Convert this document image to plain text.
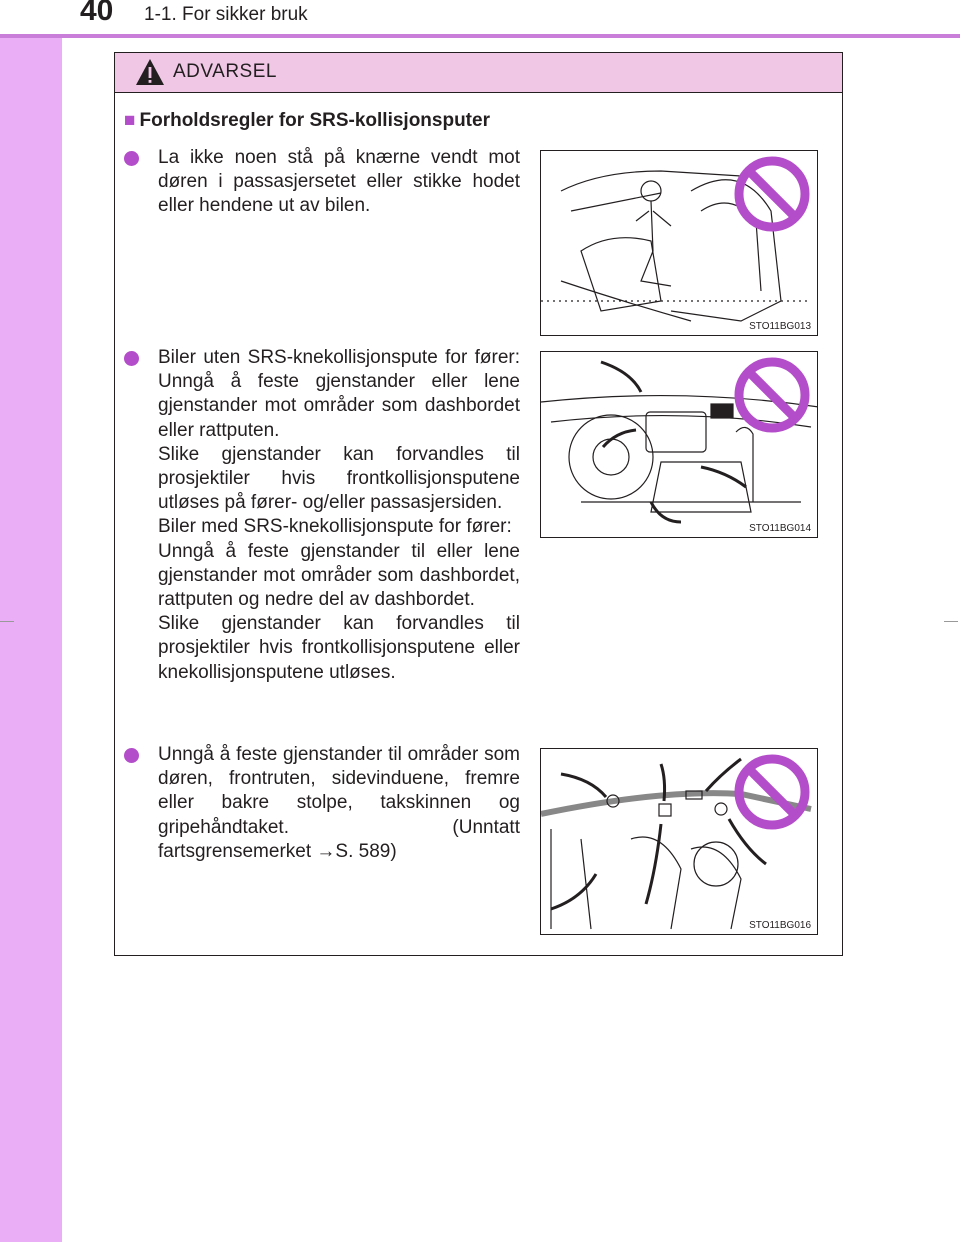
40 1-1. For sikker bruk
ADVARSEL
■ Forholdsregler for SRS-kollisjonsputer
La ikke noen stå på knærne vendt mot døren i passasjersetet eller stikke hodet eller hendene ut av bilen.
STO11BG013
Biler uten SRS-knekollisjonspute for fører: Unngå å feste gjenstander eller lene gjenstander mot områder som dashbordet eller rattputen.
Slike gjenstander kan forvandles til prosjektiler hvis frontkollisjonsputene utløses på fører- og/eller passasjersiden.
Biler med SRS-knekollisjonspute for fører:
Unngå å feste gjenstander til eller lene gjenstander mot områder som dashbordet, rattputen og nedre del av dashbordet.
Slike gjenstander kan forvandles til prosjektiler hvis frontkollisjonsputene eller knekollisjonsputene utløses.
STO11BG014
Unngå å feste gjenstander til områder som døren, frontruten, sidevinduene, fremre eller bakre stolpe, takskinnen og gripehåndtaket. (Unntatt fartsgrensemerket →S. 589)
STO11BG016
